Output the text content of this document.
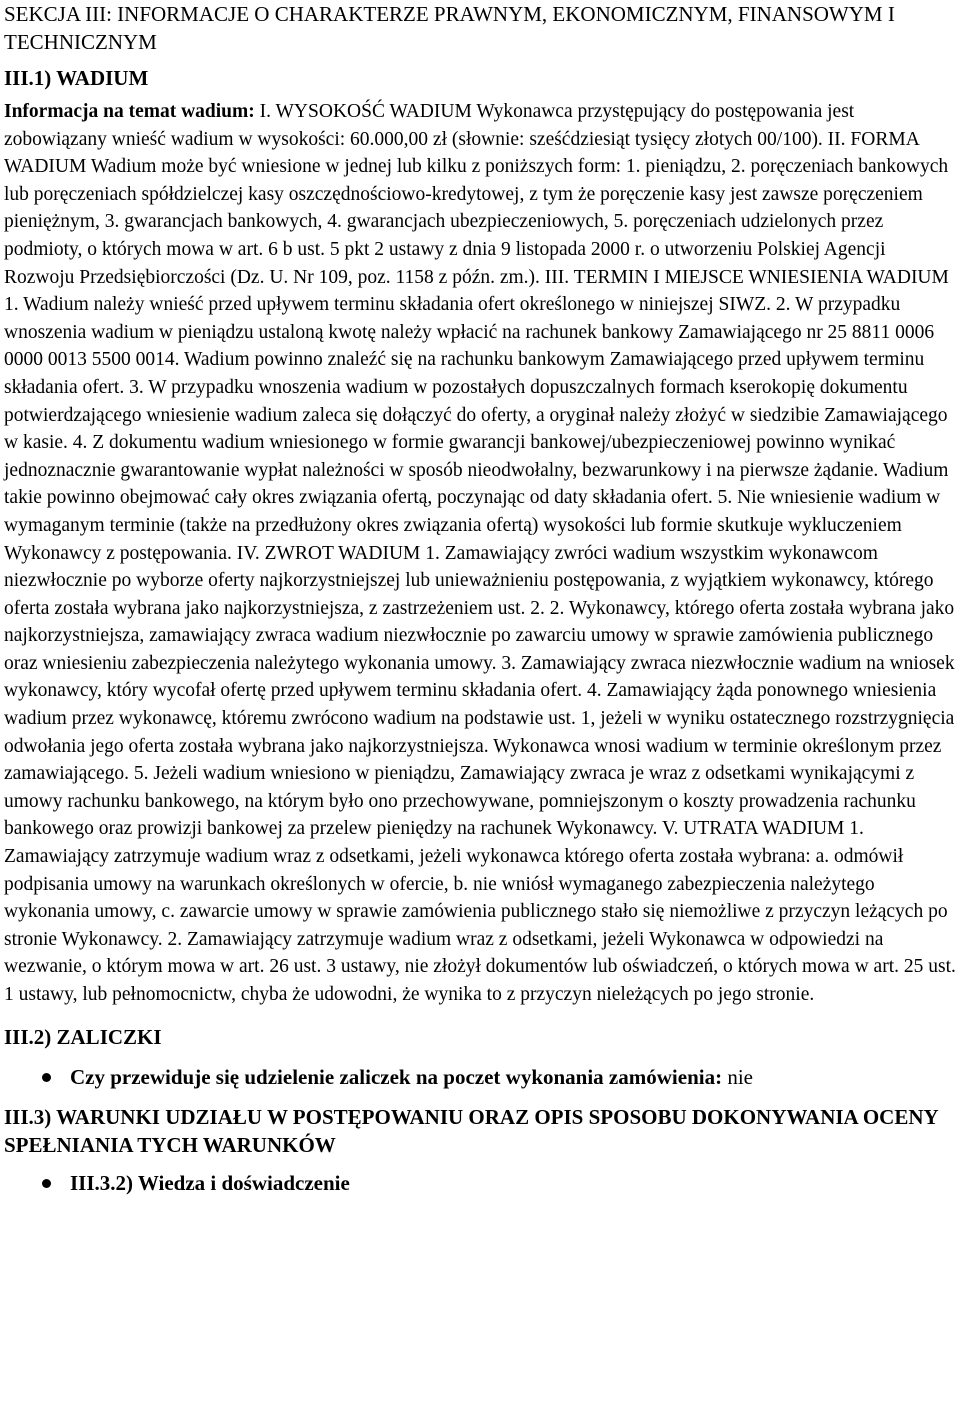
SEKCJA III: INFORMACJE O CHARAKTERZE PRAWNYM, EKONOMICZNYM, FINANSOWYM I TECHNICZNYM
III.1) WADIUM

Informacja na temat wadium: I. WYSOKOŚĆ WADIUM Wykonawca przystępujący do postępowania jest zobowiązany wnieść wadium w wysokości: 60.000,00 zł (słownie: sześćdziesiąt tysięcy złotych 00/100). II. FORMA WADIUM Wadium może być wniesione w jednej lub kilku z poniższych form: 1. pieniądzu, 2. poręczeniach bankowych lub poręczeniach spółdzielczej kasy oszczędnościowo-kredytowej, z tym że poręczenie kasy jest zawsze poręczeniem pieniężnym, 3. gwarancjach bankowych, 4. gwarancjach ubezpieczeniowych, 5. poręczeniach udzielonych przez podmioty, o których mowa w art. 6 b ust. 5 pkt 2 ustawy z dnia 9 listopada 2000 r. o utworzeniu Polskiej Agencji Rozwoju Przedsiębiorczości (Dz. U. Nr 109, poz. 1158 z późn. zm.). III. TERMIN I MIEJSCE WNIESIENIA WADIUM 1. Wadium należy wnieść przed upływem terminu składania ofert określonego w niniejszej SIWZ. 2. W przypadku wnoszenia wadium w pieniądzu ustaloną kwotę należy wpłacić na rachunek bankowy Zamawiającego nr 25 8811 0006 0000 0013 5500 0014. Wadium powinno znaleźć się na rachunku bankowym Zamawiającego przed upływem terminu składania ofert. 3. W przypadku wnoszenia wadium w pozostałych dopuszczalnych formach kserokopię dokumentu potwierdzającego wniesienie wadium zaleca się dołączyć do oferty, a oryginał należy złożyć w siedzibie Zamawiającego w kasie. 4. Z dokumentu wadium wniesionego w formie gwarancji bankowej/ubezpieczeniowej powinno wynikać jednoznacznie gwarantowanie wypłat należności w sposób nieodwołalny, bezwarunkowy i na pierwsze żądanie. Wadium takie powinno obejmować cały okres związania ofertą, poczynając od daty składania ofert. 5. Nie wniesienie wadium w wymaganym terminie (także na przedłużony okres związania ofertą) wysokości lub formie skutkuje wykluczeniem Wykonawcy z postępowania. IV. ZWROT WADIUM 1. Zamawiający zwróci wadium wszystkim wykonawcom niezwłocznie po wyborze oferty najkorzystniejszej lub unieważnieniu postępowania, z wyjątkiem wykonawcy, którego oferta została wybrana jako najkorzystniejsza, z zastrzeżeniem ust. 2. 2. Wykonawcy, którego oferta została wybrana jako najkorzystniejsza, zamawiający zwraca wadium niezwłocznie po zawarciu umowy w sprawie zamówienia publicznego oraz wniesieniu zabezpieczenia należytego wykonania umowy. 3. Zamawiający zwraca niezwłocznie wadium na wniosek wykonawcy, który wycofał ofertę przed upływem terminu składania ofert. 4. Zamawiający żąda ponownego wniesienia wadium przez wykonawcę, któremu zwrócono wadium na podstawie ust. 1, jeżeli w wyniku ostatecznego rozstrzygnięcia odwołania jego oferta została wybrana jako najkorzystniejsza. Wykonawca wnosi wadium w terminie określonym przez zamawiającego. 5. Jeżeli wadium wniesiono w pieniądzu, Zamawiający zwraca je wraz z odsetkami wynikającymi z umowy rachunku bankowego, na którym było ono przechowywane, pomniejszonym o koszty prowadzenia rachunku bankowego oraz prowizji bankowej za przelew pieniędzy na rachunek Wykonawcy. V. UTRATA WADIUM 1. Zamawiający zatrzymuje wadium wraz z odsetkami, jeżeli wykonawca którego oferta została wybrana: a. odmówił podpisania umowy na warunkach określonych w ofercie, b. nie wniósł wymaganego zabezpieczenia należytego wykonania umowy, c. zawarcie umowy w sprawie zamówienia publicznego stało się niemożliwe z przyczyn leżących po stronie Wykonawcy. 2. Zamawiający zatrzymuje wadium wraz z odsetkami, jeżeli Wykonawca w odpowiedzi na wezwanie, o którym mowa w art. 26 ust. 3 ustawy, nie złożył dokumentów lub oświadczeń, o których mowa w art. 25 ust. 1 ustawy, lub pełnomocnictw, chyba że udowodni, że wynika to z przyczyn nieleżących po jego stronie.

III.2) ZALICZKI
Czy przewiduje się udzielenie zaliczek na poczet wykonania zamówienia: nie
III.3) WARUNKI UDZIAŁU W POSTĘPOWANIU ORAZ OPIS SPOSOBU DOKONYWANIA OCENY SPEŁNIANIA TYCH WARUNKÓW
III.3.2) Wiedza i doświadczenie
